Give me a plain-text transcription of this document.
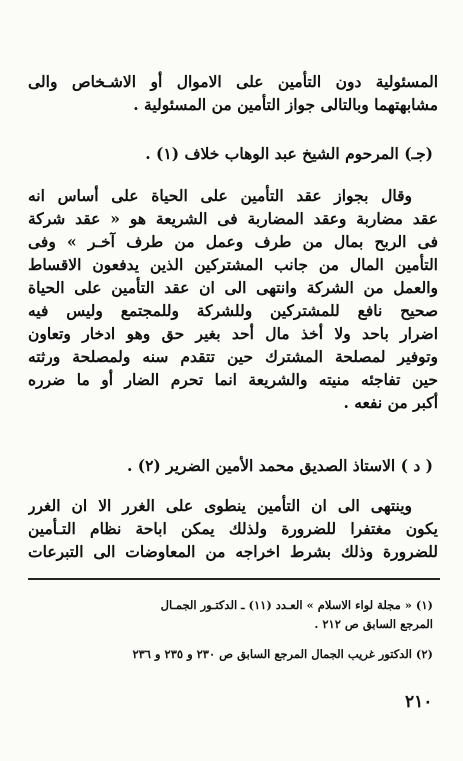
المسئولية دون التأمين على الاموال أو الاشـخاص والى
مشابهتهما وبالتالى جواز التأمين من المسئولية .
(جـ) المرحوم الشيخ عبد الوهاب خلاف (١) .
وقال بجواز عقد التأمين على الحياة على أساس انه
عقد مضاربة وعقد المضاربة فى الشريعة هو « عقد شركة
فى الربح بمال من طرف وعمل من طرف آخـر » وفى
التأمين المال من جانب المشتركين الذين يدفعون الاقساط
والعمل من الشركة وانتهى الى ان عقد التأمين على الحياة
صحيح نافع للمشتركين وللشركة وللمجتمع وليس فيه
اضرار باحد ولا أخذ مال أحد بغير حق وهو ادخار وتعاون
وتوفير لمصلحة المشترك حين تتقدم سنه ولمصلحة ورثته
حين تفاجئه منيته والشريعة انما تحرم الضار أو ما ضرره
أكبر من نفعه .
( د ) الاستاذ الصديق محمد الأمين الضرير (٢) .
وينتهى الى ان التأمين ينطوى على الغرر الا ان الغرر
يكون مغتفرا للضرورة ولذلك يمكن اباحة نظام التـأمين
للضرورة وذلك بشرط اخراجه من المعاوضات الى التبرعات
(١) « مجلة لواء الاسلام » العـدد (١١) ـ الدكتـور الجمـال
المرجع السابق ص ٢١٢ .
(٢) الدكتور غريب الجمال المرجع السابق ص ٢٣٠ و ٢٣٥ و ٢٣٦
٢١٠
